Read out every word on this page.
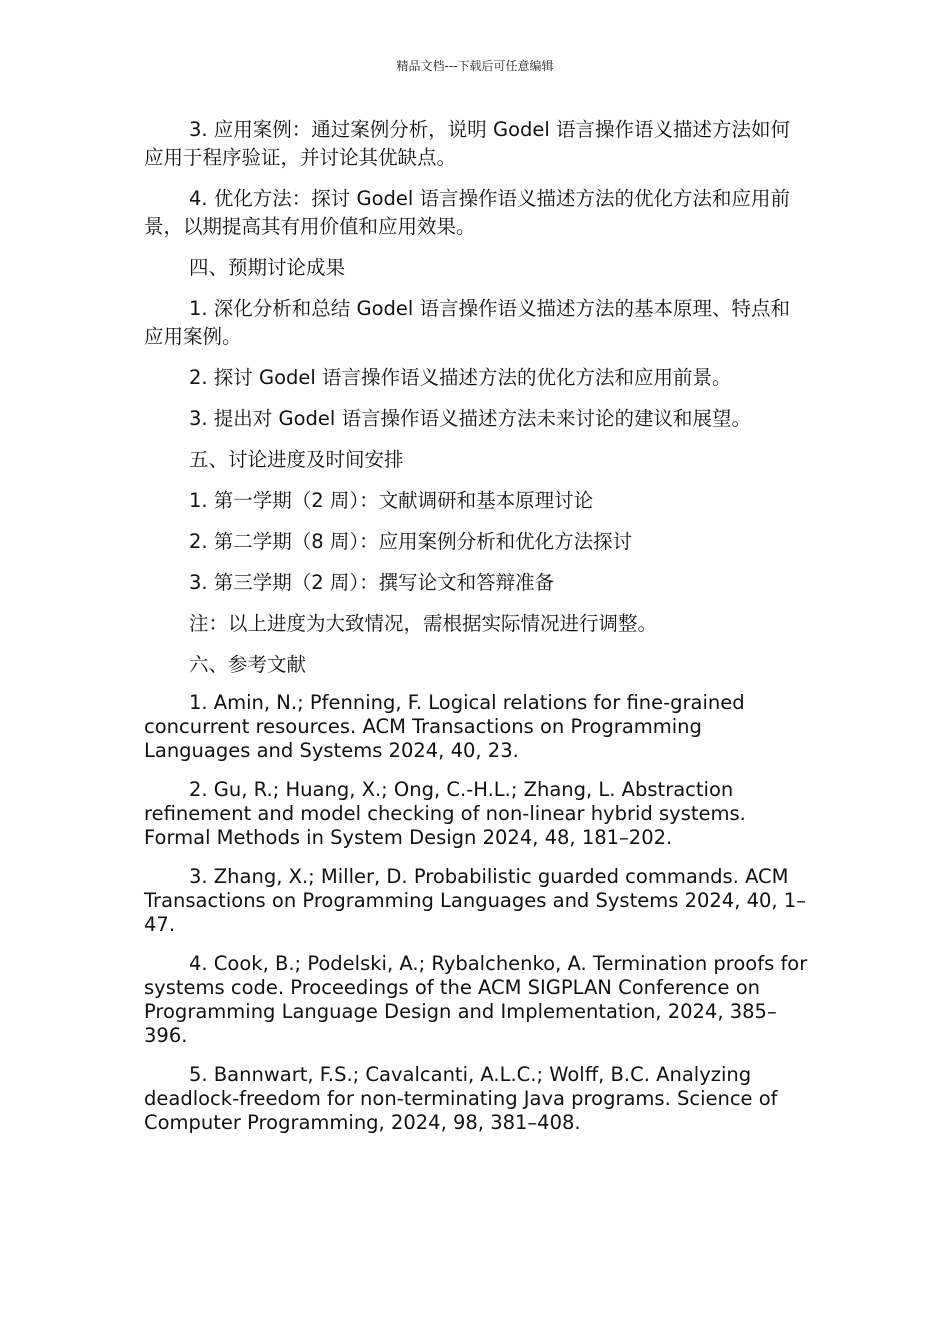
精品文档---下载后可任意编辑

3. 应用案例：通过案例分析，说明 Godel 语言操作语义描述方法如何应用于程序验证，并讨论其优缺点。

4. 优化方法：探讨 Godel 语言操作语义描述方法的优化方法和应用前景，以期提高其有用价值和应用效果。

四、预期讨论成果

1. 深化分析和总结 Godel 语言操作语义描述方法的基本原理、特点和应用案例。

2. 探讨 Godel 语言操作语义描述方法的优化方法和应用前景。

3. 提出对 Godel 语言操作语义描述方法未来讨论的建议和展望。

五、讨论进度及时间安排

1. 第一学期（2 周）：文献调研和基本原理讨论

2. 第二学期（8 周）：应用案例分析和优化方法探讨

3. 第三学期（2 周）：撰写论文和答辩准备

注：以上进度为大致情况，需根据实际情况进行调整。

六、参考文献

1. Amin, N.; Pfenning, F. Logical relations for fine-grained concurrent resources. ACM Transactions on Programming Languages and Systems 2024, 40, 23.

2. Gu, R.; Huang, X.; Ong, C.-H.L.; Zhang, L. Abstraction refinement and model checking of non-linear hybrid systems. Formal Methods in System Design 2024, 48, 181–202.

3. Zhang, X.; Miller, D. Probabilistic guarded commands. ACM Transactions on Programming Languages and Systems 2024, 40, 1–47.

4. Cook, B.; Podelski, A.; Rybalchenko, A. Termination proofs for systems code. Proceedings of the ACM SIGPLAN Conference on Programming Language Design and Implementation, 2024, 385–396.

5. Bannwart, F.S.; Cavalcanti, A.L.C.; Wolff, B.C. Analyzing deadlock-freedom for non-terminating Java programs. Science of Computer Programming, 2024, 98, 381–408.
